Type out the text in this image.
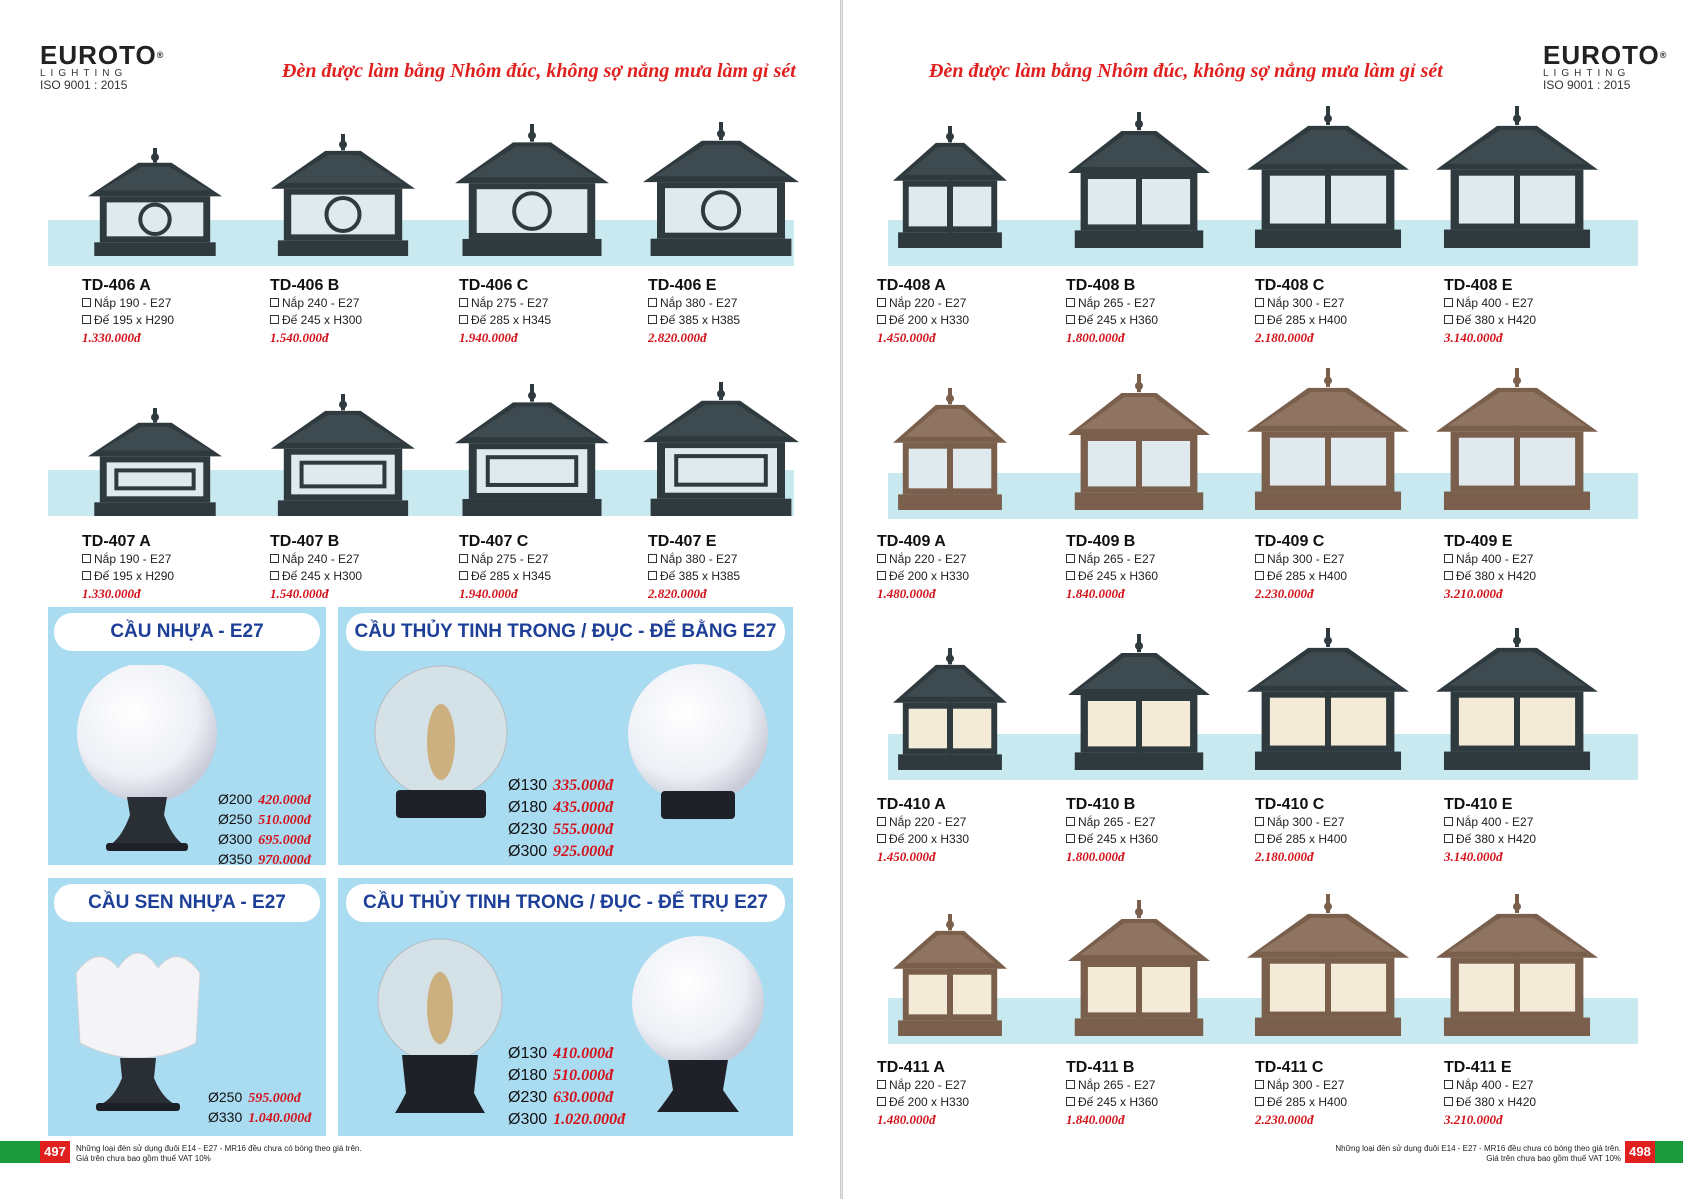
EUROTO®
LIGHTING
ISO 9001 : 2015
Đèn được làm bằng Nhôm đúc, không sợ nắng mưa làm gỉ sét
TD-406 A
Nắp 190 - E27
Đế 195 x H290
1.330.000đ
TD-406 B
Nắp 240 - E27
Đế 245 x H300
1.540.000đ
TD-406 C
Nắp 275 - E27
Đế 285 x H345
1.940.000đ
TD-406 E
Nắp 380 - E27
Đế 385 x H385
2.820.000đ
TD-407 A
Nắp 190 - E27
Đế 195 x H290
1.330.000đ
TD-407 B
Nắp 240 - E27
Đế 245 x H300
1.540.000đ
TD-407 C
Nắp 275 - E27
Đế 285 x H345
1.940.000đ
TD-407 E
Nắp 380 - E27
Đế 385 x H385
2.820.000đ
CẦU NHỰA - E27
Ø200 420.000đ
Ø250 510.000đ
Ø300 695.000đ
Ø350 970.000đ
CẦU THỦY TINH TRONG / ĐỤC - ĐẾ BẰNG E27
Ø130 335.000đ
Ø180 435.000đ
Ø230 555.000đ
Ø300 925.000đ
CẦU SEN NHỰA - E27
Ø250 595.000đ
Ø330 1.040.000đ
CẦU THỦY TINH TRONG / ĐỤC - ĐẾ TRỤ E27
Ø130 410.000đ
Ø180 510.000đ
Ø230 630.000đ
Ø300 1.020.000đ
497	Những loại đèn sử dụng đuôi E14 - E27 - MR16 đều chưa có bóng theo giá trên.
Giá trên chưa bao gồm thuế VAT 10%
EUROTO®
LIGHTING
ISO 9001 : 2015
Đèn được làm bằng Nhôm đúc, không sợ nắng mưa làm gỉ sét
TD-408 A
Nắp 220 - E27
Đế 200 x H330
1.450.000đ
TD-408 B
Nắp 265 - E27
Đế 245 x H360
1.800.000đ
TD-408 C
Nắp 300 - E27
Đế 285 x H400
2.180.000đ
TD-408 E
Nắp 400 - E27
Đế 380 x H420
3.140.000đ
TD-409 A
Nắp 220 - E27
Đế 200 x H330
1.480.000đ
TD-409 B
Nắp 265 - E27
Đế 245 x H360
1.840.000đ
TD-409 C
Nắp 300 - E27
Đế 285 x H400
2.230.000đ
TD-409 E
Nắp 400 - E27
Đế 380 x H420
3.210.000đ
TD-410 A
Nắp 220 - E27
Đế 200 x H330
1.450.000đ
TD-410 B
Nắp 265 - E27
Đế 245 x H360
1.800.000đ
TD-410 C
Nắp 300 - E27
Đế 285 x H400
2.180.000đ
TD-410 E
Nắp 400 - E27
Đế 380 x H420
3.140.000đ
TD-411 A
Nắp 220 - E27
Đế 200 x H330
1.480.000đ
TD-411 B
Nắp 265 - E27
Đế 245 x H360
1.840.000đ
TD-411 C
Nắp 300 - E27
Đế 285 x H400
2.230.000đ
TD-411 E
Nắp 400 - E27
Đế 380 x H420
3.210.000đ
Những loại đèn sử dụng đuôi E14 - E27 - MR16 đều chưa có bóng theo giá trên.
Giá trên chưa bao gồm thuế VAT 10% 498
